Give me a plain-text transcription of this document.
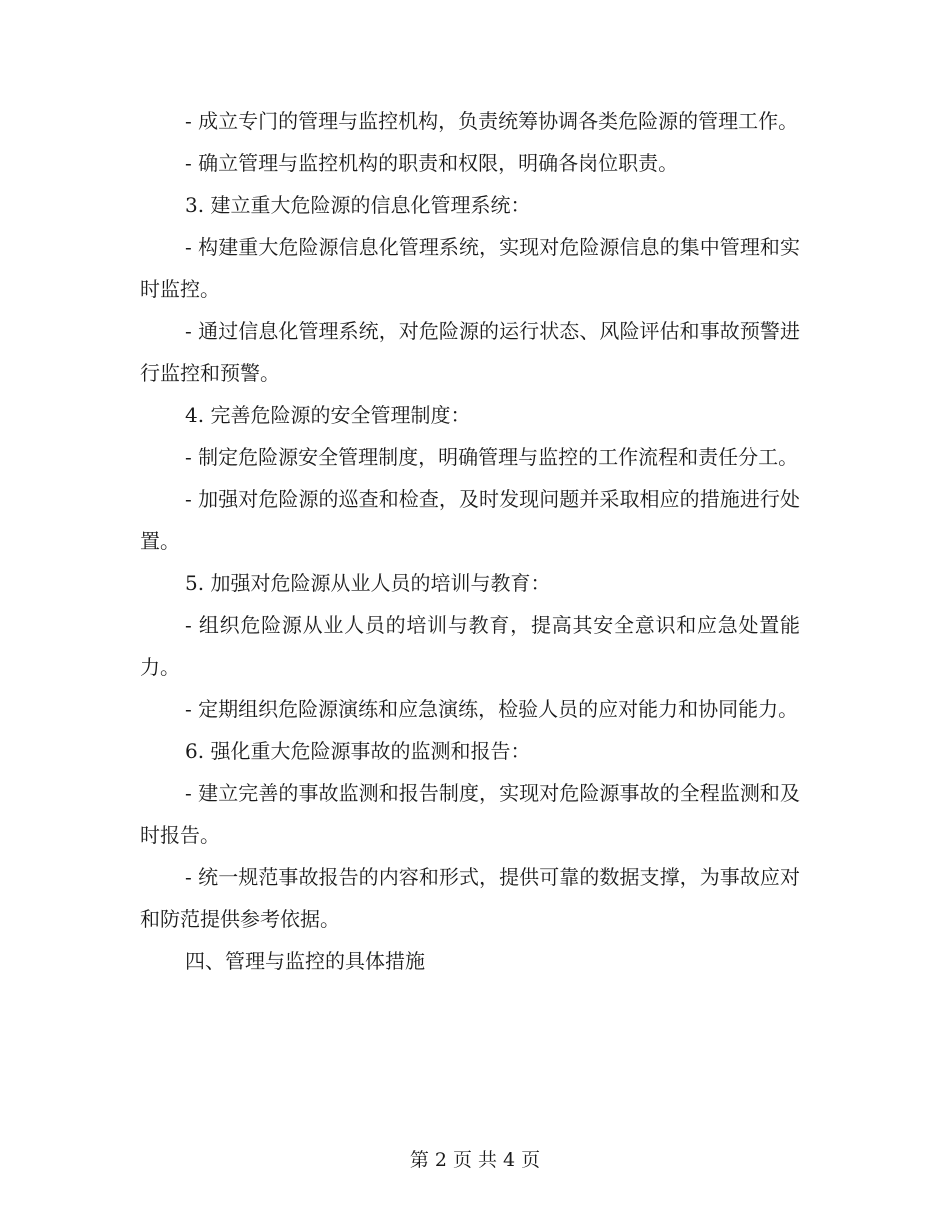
- 成立专门的管理与监控机构，负责统筹协调各类危险源的管理工作。

- 确立管理与监控机构的职责和权限，明确各岗位职责。

3. 建立重大危险源的信息化管理系统：

- 构建重大危险源信息化管理系统，实现对危险源信息的集中管理和实时监控。

- 通过信息化管理系统，对危险源的运行状态、风险评估和事故预警进行监控和预警。

4. 完善危险源的安全管理制度：

- 制定危险源安全管理制度，明确管理与监控的工作流程和责任分工。

- 加强对危险源的巡查和检查，及时发现问题并采取相应的措施进行处置。

5. 加强对危险源从业人员的培训与教育：

- 组织危险源从业人员的培训与教育，提高其安全意识和应急处置能力。

- 定期组织危险源演练和应急演练，检验人员的应对能力和协同能力。

6. 强化重大危险源事故的监测和报告：

- 建立完善的事故监测和报告制度，实现对危险源事故的全程监测和及时报告。

- 统一规范事故报告的内容和形式，提供可靠的数据支撑，为事故应对和防范提供参考依据。

四、管理与监控的具体措施

第 2 页 共 4 页
